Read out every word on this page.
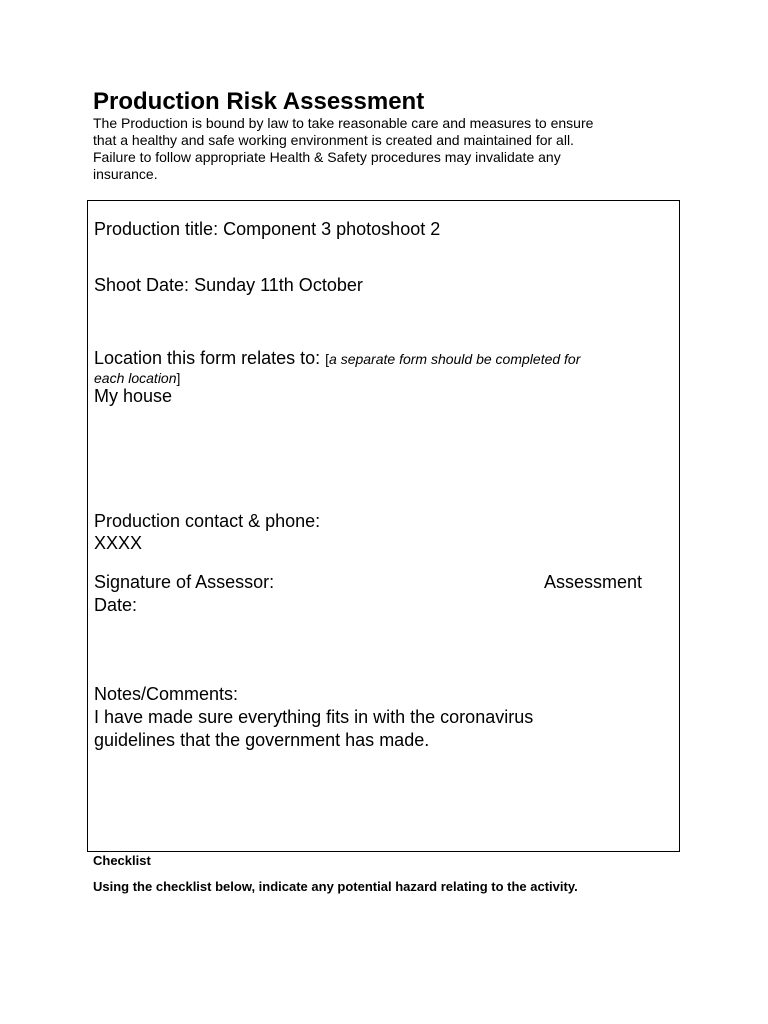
Production Risk Assessment
The Production is bound by law to take reasonable care and measures to ensure
that a healthy and safe working environment is created and maintained for all.
Failure to follow appropriate Health & Safety procedures may invalidate any
insurance.
Production title: Component 3 photoshoot 2
Shoot Date: Sunday 11th October
Location this form relates to: [a separate form should be completed for
each location]
My house
Production contact & phone:
XXXX
Signature of Assessor:	Assessment
Date:
Notes/Comments:
I have made sure everything fits in with the coronavirus
guidelines that the government has made.
Checklist
Using the checklist below, indicate any potential hazard relating to the activity.
